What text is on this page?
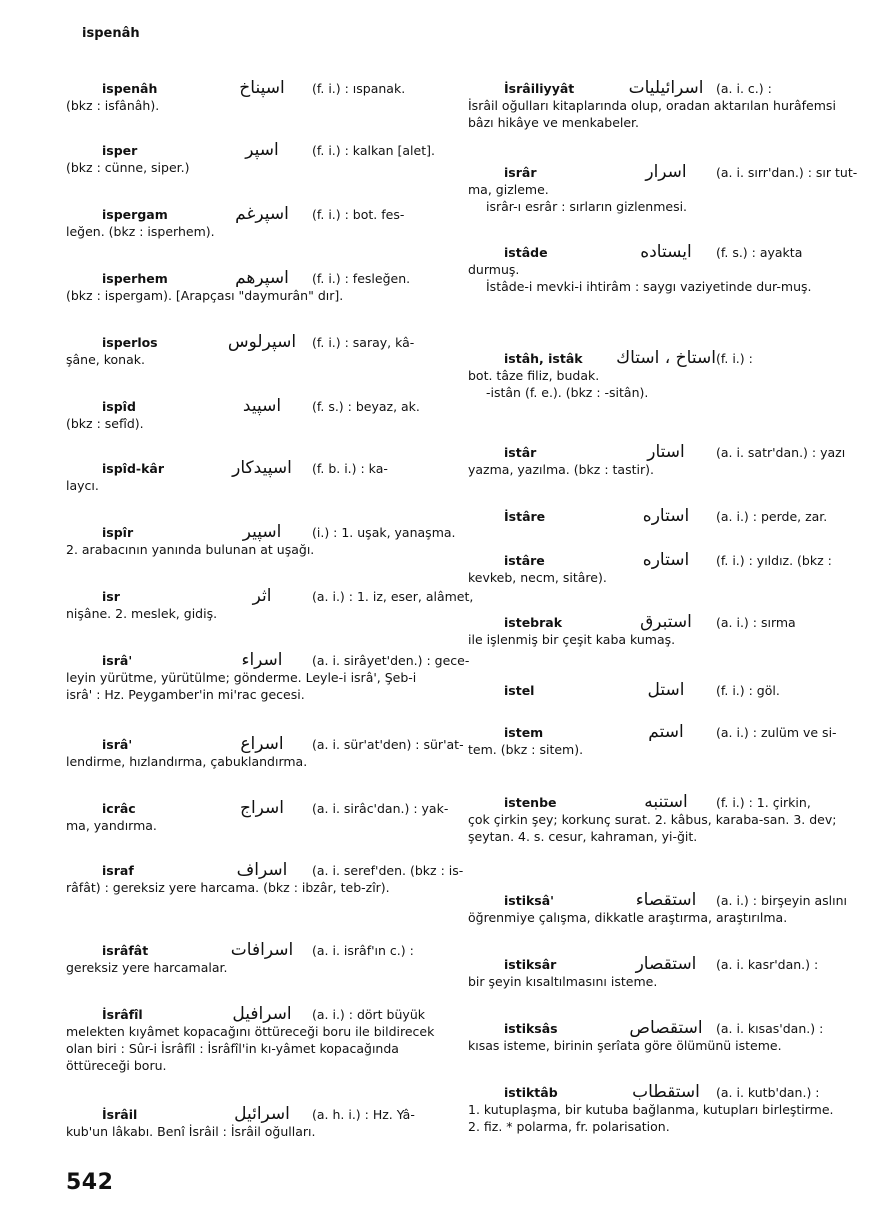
ispenâh
ispenâh	اسپناخ	(f. i.) : ıspanak.
(bkz : isfânâh).
isper	اسپر	(f. i.) : kalkan [alet].
(bkz : cünne, siper.)
ispergam	اسپرغم	(f. i.) : bot. fes-
leğen. (bkz : isperhem).
isperhem	اسپرهم	(f. i.) : fesleğen.
(bkz : ispergam). [Arapçası "daymurân" dır].
isperlos	اسپرلوس	(f. i.) : saray, kâ-
şâne, konak.
ispîd	اسپيد	(f. s.) : beyaz, ak.
(bkz : sefîd).
ispîd-kâr	اسپيدكار	(f. b. i.) : ka-
laycı.
ispîr	اسپير	(i.) : 1. uşak, yanaşma.
2. arabacının yanında bulunan at uşağı.
isr	اثر	(a. i.) : 1. iz, eser, alâmet,
nişâne. 2. meslek, gidiş.
isrâ'	اسراء	(a. i. sirâyet'den.) : gece-
leyin yürütme, yürütülme; gönderme. Leyle-i isrâ', Şeb-i isrâ' : Hz. Peygamber'in mi'rac gecesi.
isrâ'	اسراع	(a. i. sür'at'den) : sür'at-
lendirme, hızlandırma, çabuklandırma.
icrâc	اسراج	(a. i. sirâc'dan.) : yak-
ma, yandırma.
israf	اسراف	(a. i. seref'den. (bkz : is-
râfât) : gereksiz yere harcama. (bkz : ibzâr, teb-zîr).
isrâfât	اسرافات	(a. i. isrâf'ın c.) :
gereksiz yere harcamalar.
İsrâfîl	اسرافيل	(a. i.) : dört büyük
melekten kıyâmet kopacağını öttüreceği boru ile bildirecek olan biri : Sûr-i İsrâfîl : İsrâfîl'in kı-yâmet kopacağında öttüreceği boru.
İsrâil	اسرائيل	(a. h. i.) : Hz. Yâ-
kub'un lâkabı. Benî İsrâil : İsrâil oğulları.
İsrâiliyyât	اسرائيليات	(a. i. c.) :
İsrâil oğulları kitaplarında olup, oradan aktarılan hurâfemsi bâzı hikâye ve menkabeler.
isrâr	اسرار	(a. i. sırr'dan.) : sır tut-
ma, gizleme.
isrâr-ı esrâr : sırların gizlenmesi.
istâde	ايستاده	(f. s.) : ayakta
durmuş.
İstâde-i mevki-i ihtirâm : saygı vaziyetinde dur-muş.
istâh, istâk	استاخ ، استاك (f. i.) :
bot. tâze filiz, budak.
-istân (f. e.). (bkz : -sitân).
istâr	استار	(a. i. satr'dan.) : yazı
yazma, yazılma. (bkz : tastir).
İstâre	استاره	(a. i.) : perde, zar.
istâre	استاره	(f. i.) : yıldız. (bkz :
kevkeb, necm, sitâre).
istebrak	استبرق	(a. i.) : sırma
ile işlenmiş bir çeşit kaba kumaş.
istel	استل	(f. i.) : göl.
istem	استم	(a. i.) : zulüm ve si-
tem. (bkz : sitem).
istenbe	استنبه	(f. i.) : 1. çirkin,
çok çirkin şey; korkunç surat. 2. kâbus, karaba-san. 3. dev; şeytan. 4. s. cesur, kahraman, yi-ğit.
istiksâ'	استقصاء	(a. i.) : birşeyin aslını
öğrenmiye çalışma, dikkatle araştırma, araştırılma.
istiksâr	استقصار	(a. i. kasr'dan.) :
bir şeyin kısaltılmasını isteme.
istiksâs	استقصاص	(a. i. kısas'dan.) :
kısas isteme, birinin şerîata göre ölümünü isteme.
istiktâb	استقطاب	(a. i. kutb'dan.) :
1. kutuplaşma, bir kutuba bağlanma, kutupları birleştirme. 2. fiz. * polarma, fr. polarisation.
542
